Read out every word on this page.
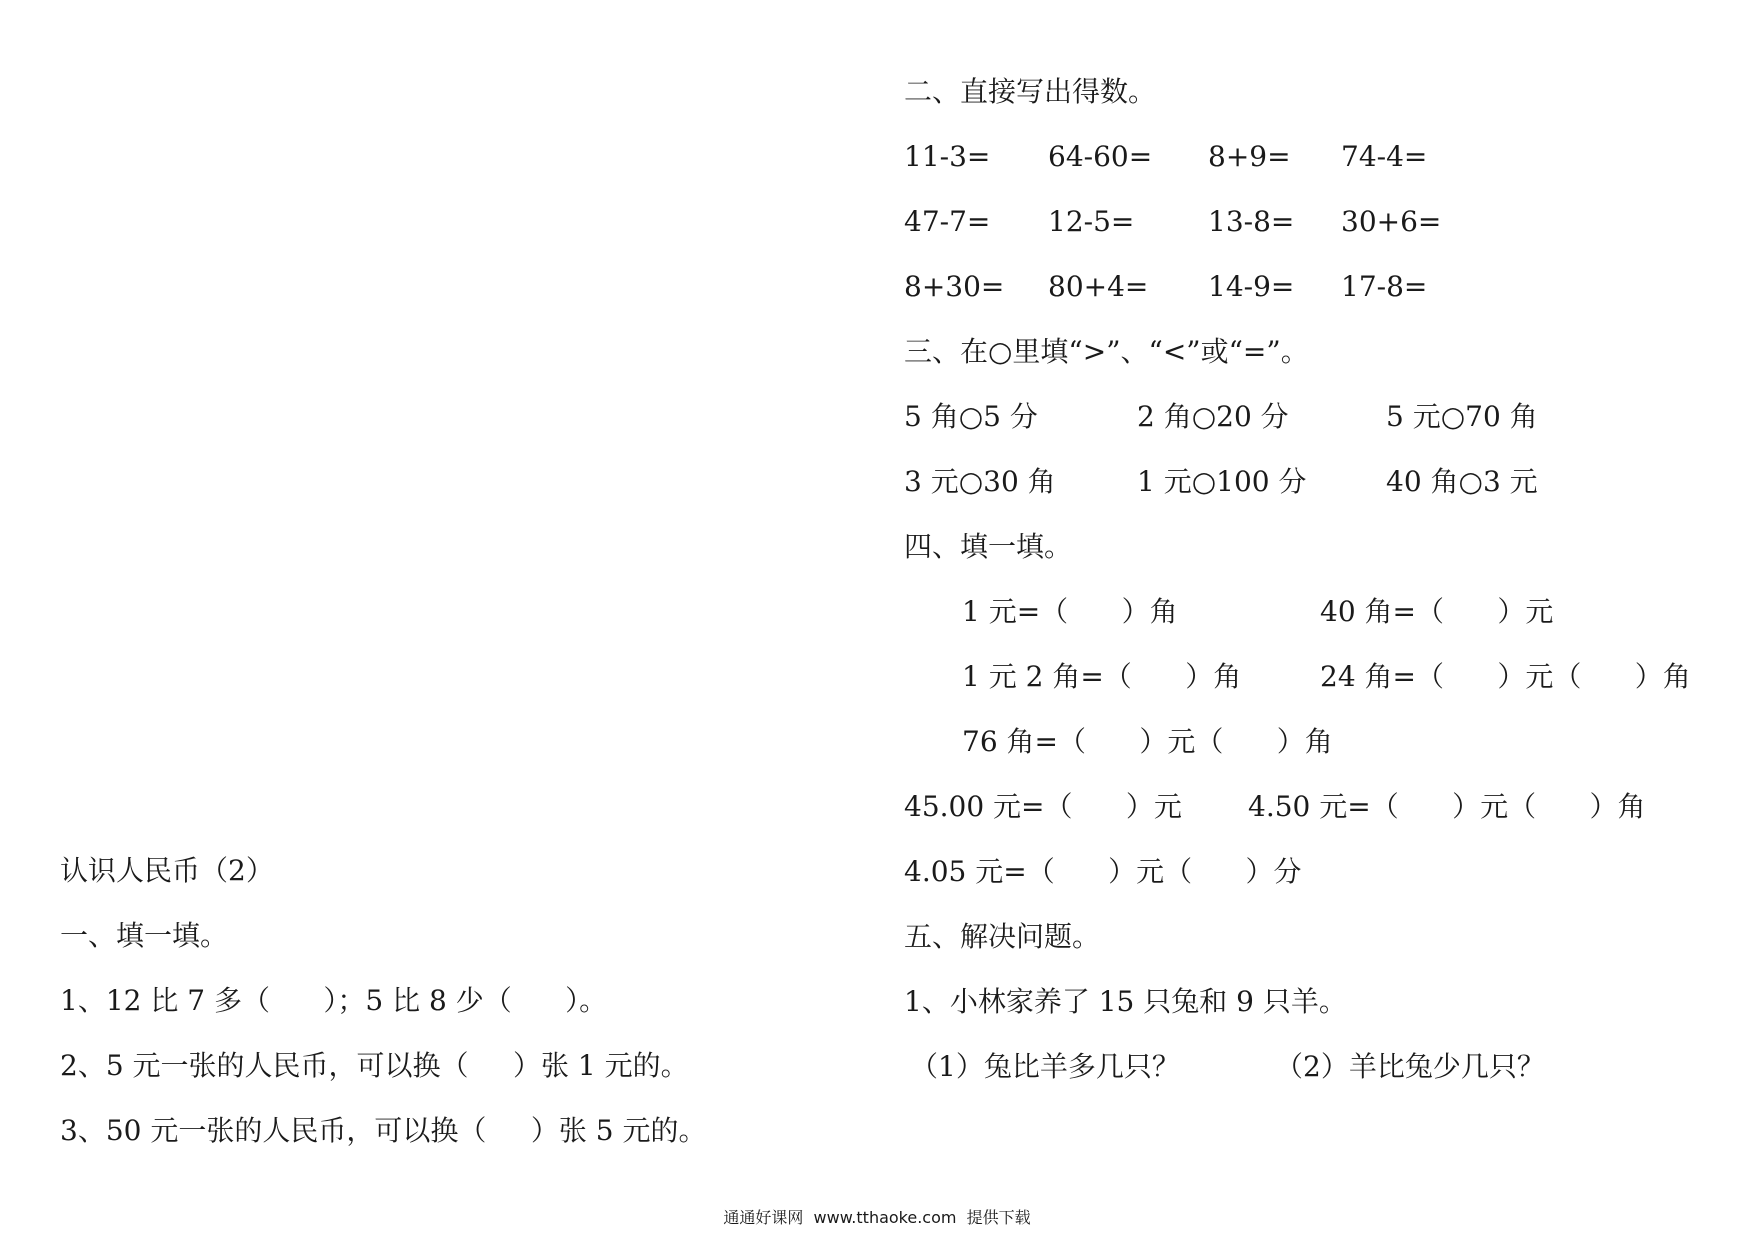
认识人民币（2）
一、填一填。
1、12 比 7 多（      ）；5 比 8 少（      ）。
2、5 元一张的人民币，可以换（     ）张 1 元的。
3、50 元一张的人民币，可以换（     ）张 5 元的。
二、直接写出得数。
11-3= 64-60= 8+9= 74-4=
47-7= 12-5=	13-8= 30+6=
8+30= 80+4= 14-9= 17-8=
三、在○里填“>”、“<”或“=”。
5 角○5 分	2 角○20 分	5 元○70 角
3 元○30 角	1 元○100 分	40 角○3 元
四、填一填。
1 元=（      ）角	40 角=（      ）元
1 元 2 角=（      ）角	24 角=（      ）元（      ）角
76 角=（      ）元（      ）角
45.00 元=（      ）元 4.50 元=（      ）元（      ）角
4.05 元=（      ）元（      ）分
五、解决问题。
1、小林家养了 15 只兔和 9 只羊。
（1）兔比羊多几只？	（2）羊比兔少几只？
通通好课网  www.tthaoke.com  提供下载
